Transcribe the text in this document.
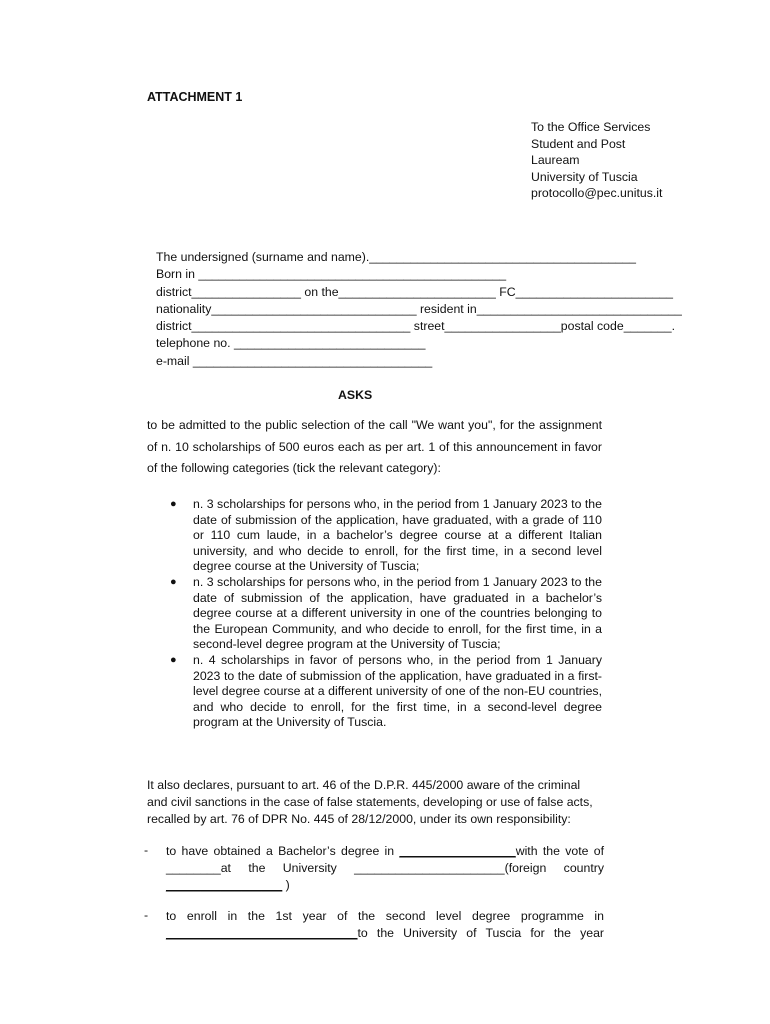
ATTACHMENT 1
To the Office Services
Student and Post
Lauream
University of Tuscia
protocollo@pec.unitus.it
The undersigned (surname and name)._______________________________________
Born in _____________________________________________
district________________ on the_______________________ FC_______________________
nationality______________________________ resident in______________________________
district________________________________ street_________________postal code_______.
telephone no. ____________________________
e-mail ___________________________________
ASKS
to be admitted to the public selection of the call "We want you", for the assignment of n. 10 scholarships of 500 euros each as per art. 1 of this announcement in favor of the following categories (tick the relevant category):
● n. 3 scholarships for persons who, in the period from 1 January 2023 to the date of submission of the application, have graduated, with a grade of 110 or 110 cum laude, in a bachelor’s degree course at a different Italian university, and who decide to enroll, for the first time, in a second level degree course at the University of Tuscia;
● n. 3 scholarships for persons who, in the period from 1 January 2023 to the date of submission of the application, have graduated in a bachelor’s degree course at a different university in one of the countries belonging to the European Community, and who decide to enroll, for the first time, in a second-level degree program at the University of Tuscia;
● n. 4 scholarships in favor of persons who, in the period from 1 January 2023 to the date of submission of the application, have graduated in a first-level degree course at a different university of one of the non-EU countries, and who decide to enroll, for the first time, in a second-level degree program at the University of Tuscia.
It also declares, pursuant to art. 46 of the D.P.R. 445/2000 aware of the criminal and civil sanctions in the case of false statements, developing or use of false acts, recalled by art. 76 of DPR No. 445 of 28/12/2000, under its own responsibility:
- to have obtained a Bachelor’s degree in _________________with the vote of
________at the University ______________________(foreign country
_________________ )
- to enroll in the 1st year of the second level degree programme in
____________________________to the University of Tuscia for the year
